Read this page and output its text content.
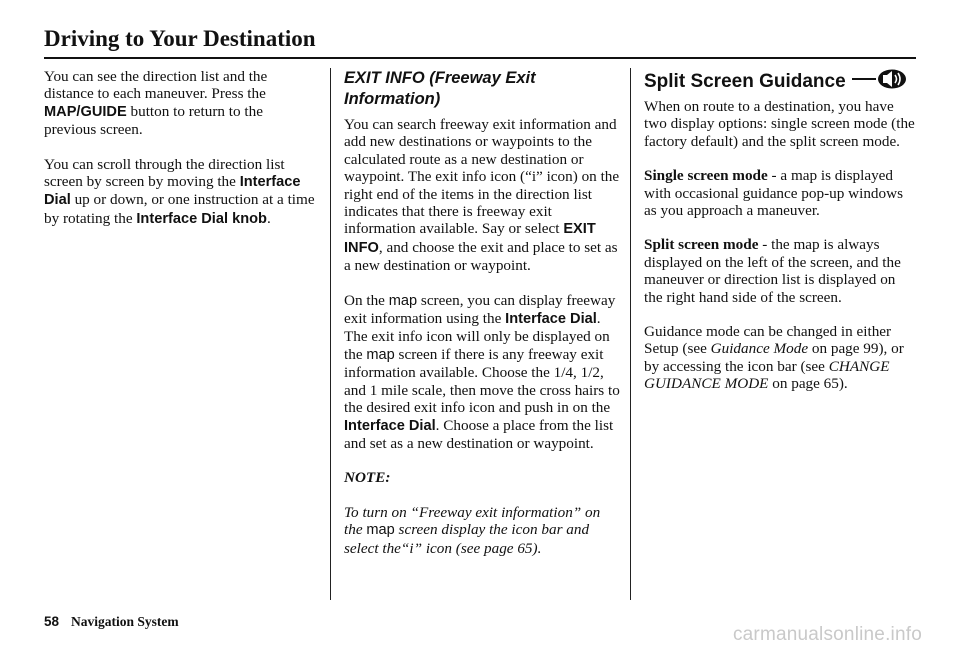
Driving to Your Destination

You can see the direction list and the distance to each maneuver. Press the MAP/GUIDE button to return to the previous screen.

You can scroll through the direction list screen by screen by moving the Interface Dial up or down, or one instruction at a time by rotating the Interface Dial knob.

EXIT INFO (Freeway Exit Information)

You can search freeway exit information and add new destinations or waypoints to the calculated route as a new destination or waypoint. The exit info icon (“i” icon) on the right end of the items in the direction list indicates that there is freeway exit information available. Say or select EXIT INFO, and choose the exit and place to set as a new destination or waypoint.

On the map screen, you can display freeway exit information using the Interface Dial. The exit info icon will only be displayed on the map screen if there is any freeway exit information available. Choose the 1/4, 1/2, and 1 mile scale, then move the cross hairs to the desired exit info icon and push in on the Interface Dial. Choose a place from the list and set as a new destination or waypoint.

NOTE:

To turn on “Freeway exit information” on the map screen display the icon bar and select the“i” icon (see page 65).

Split Screen Guidance

When on route to a destination, you have two display options: single screen mode (the factory default) and the split screen mode.

Single screen mode - a map is displayed with occasional guidance pop-up windows as you approach a maneuver.

Split screen mode - the map is always displayed on the left of the screen, and the maneuver or direction list is displayed on the right hand side of the screen.

Guidance mode can be changed in either Setup (see Guidance Mode on page 99), or by accessing the icon bar (see CHANGE GUIDANCE MODE on page 65).

58 Navigation System
carmanualsonline.info
